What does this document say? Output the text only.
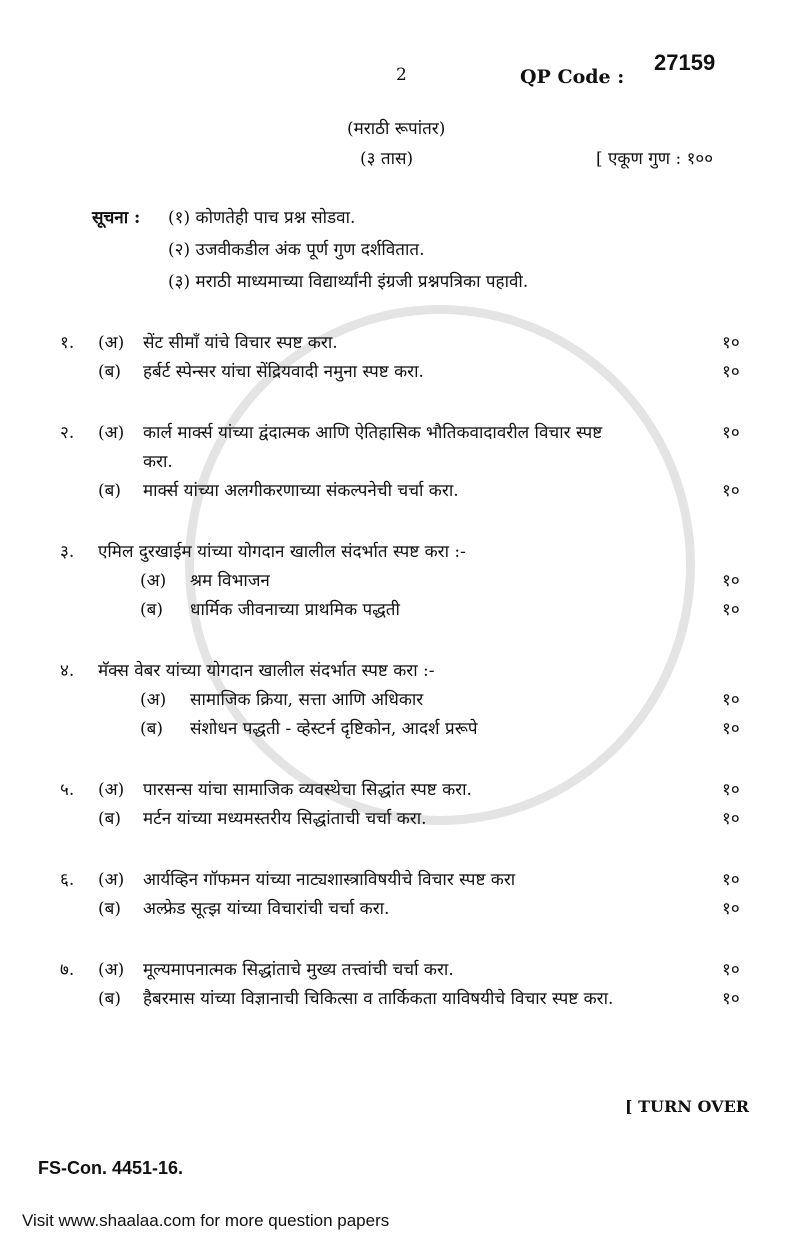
2	QP Code :
27159
(मराठी रूपांतर)
(३ तास)	[ एकूण गुण : १००
सूचना :	(१) कोणतेही पाच प्रश्न सोडवा.
(२) उजवीकडील अंक पूर्ण गुण दर्शवितात.
(३) मराठी माध्यमाच्या विद्यार्थ्यांनी इंग्रजी प्रश्नपत्रिका पहावी.
१.	(अ)	सेंट सीमाँ यांचे विचार स्पष्ट करा.	१०
(ब)	हर्बर्ट स्पेन्सर यांचा सेंद्रियवादी नमुना स्पष्ट करा.	१०
२.	(अ)	कार्ल मार्क्स यांच्या द्वंदात्मक आणि ऐतिहासिक भौतिकवादावरील विचार स्पष्ट	१०
करा.
(ब)	मार्क्स यांच्या अलगीकरणाच्या संकल्पनेची चर्चा करा.	१०
३.	एमिल दुरखाईम यांच्या योगदान खालील संदर्भात स्पष्ट करा :-
(अ)	श्रम विभाजन	१०
(ब)	धार्मिक जीवनाच्या प्राथमिक पद्धती	१०
४.	मॅक्स वेबर यांच्या योगदान खालील संदर्भात स्पष्ट करा :-
(अ)	सामाजिक क्रिया, सत्ता आणि अधिकार	१०
(ब)	संशोधन पद्धती - व्हेस्टर्न दृष्टिकोन, आदर्श प्ररूपे	१०
५.	(अ)	पारसन्स यांचा सामाजिक व्यवस्थेचा सिद्धांत स्पष्ट करा.	१०
(ब)	मर्टन यांच्या मध्यमस्तरीय सिद्धांताची चर्चा करा.	१०
६.	(अ)	आर्यव्हिन गॉफमन यांच्या नाट्यशास्त्राविषयीचे विचार स्पष्ट करा	१०
(ब)	अल्फ्रेड सूत्झ यांच्या विचारांची चर्चा करा.	१०
७.	(अ)	मूल्यमापनात्मक सिद्धांताचे मुख्य तत्त्वांची चर्चा करा.	१०
(ब)	हैबरमास यांच्या विज्ञानाची चिकित्सा व तार्किकता याविषयीचे विचार स्पष्ट करा.	१०
[ TURN OVER
FS-Con. 4451-16.
Visit www.shaalaa.com for more question papers
